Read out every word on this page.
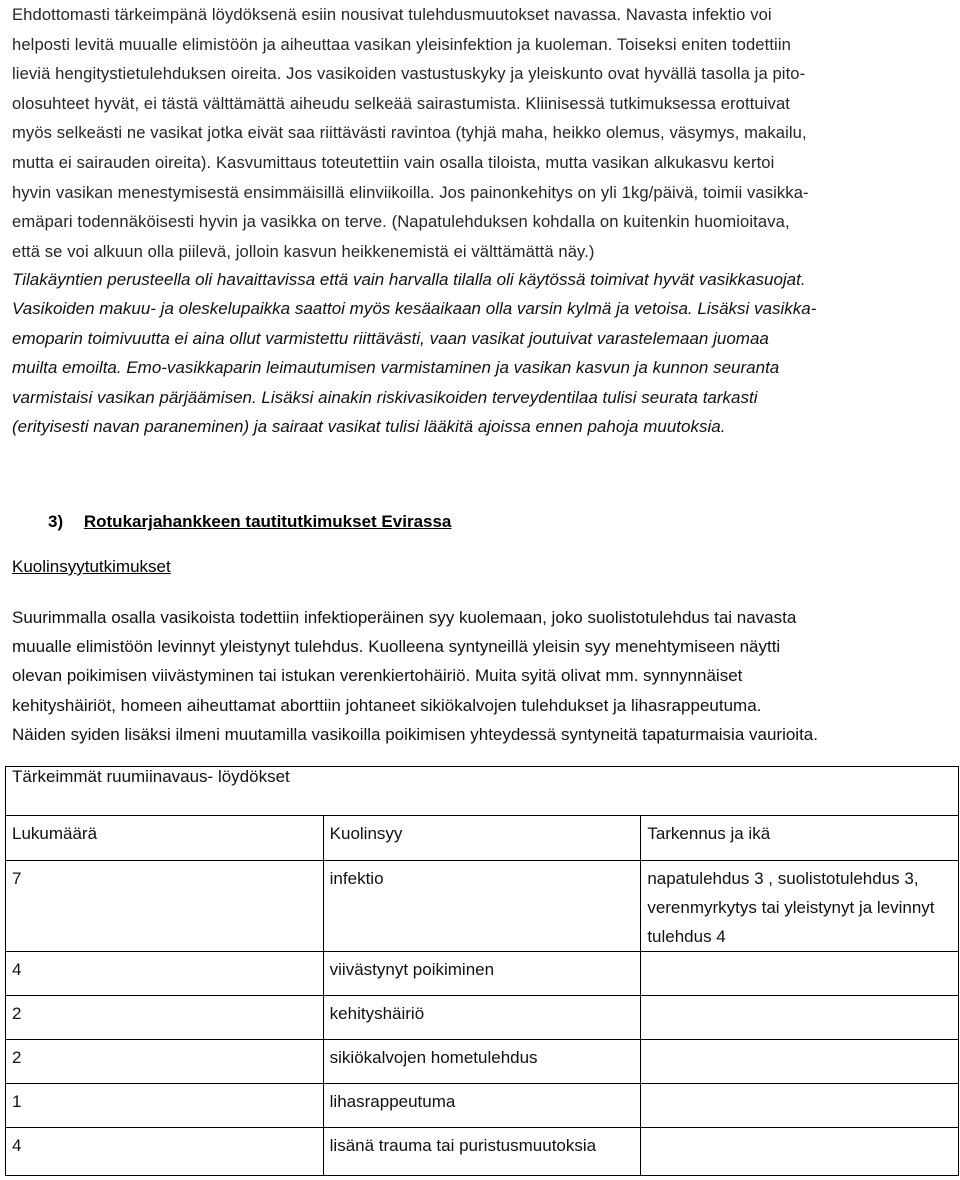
Ehdottomasti tärkeimpänä löydöksenä esiin nousivat tulehdusmuutokset navassa. Navasta infektio voi
helposti levitä muualle elimistöön ja aiheuttaa vasikan yleisinfektion ja kuoleman. Toiseksi eniten todettiin
lieviä hengitystietulehduksen oireita. Jos vasikoiden vastustuskyky ja yleiskunto ovat hyvällä tasolla ja pito-
olosuhteet hyvät, ei tästä välttämättä aiheudu selkeää sairastumista. Kliinisessä tutkimuksessa erottuivat
myös selkeästi ne vasikat jotka eivät saa riittävästi ravintoa (tyhjä maha, heikko olemus, väsymys, makailu,
mutta ei sairauden oireita). Kasvumittaus toteutettiin vain osalla tiloista, mutta vasikan alkukasvu kertoi
hyvin vasikan menestymisestä ensimmäisillä elinviikoilla. Jos painonkehitys on yli 1kg/päivä, toimii vasikka-
emäpari todennäköisesti hyvin ja vasikka on terve. (Napatulehduksen kohdalla on kuitenkin huomioitava,
että se voi alkuun olla piilevä, jolloin kasvun heikkenemistä ei välttämättä näy.)
Tilakäyntien perusteella oli havaittavissa että vain harvalla tilalla oli käytössä toimivat hyvät vasikkasuojat.
Vasikoiden makuu- ja oleskelupaikka saattoi myös kesäaikaan olla varsin kylmä ja vetoisa. Lisäksi vasikka-
emoparin toimivuutta ei aina ollut varmistettu riittävästi, vaan vasikat joutuivat varastelemaan juomaa
muilta emoilta. Emo-vasikkaparin leimautumisen varmistaminen ja vasikan kasvun ja kunnon seuranta
varmistaisi vasikan pärjäämisen. Lisäksi ainakin riskivasikoiden terveydentilaa tulisi seurata tarkasti
(erityisesti navan paraneminen) ja sairaat vasikat tulisi lääkitä ajoissa ennen pahoja muutoksia.
3) Rotukarjahankkeen tautitutkimukset Evirassa
Kuolinsyytutkimukset
Suurimmalla osalla vasikoista todettiin infektioperäinen syy kuolemaan, joko suolistotulehdus tai navasta
muualle elimistöön levinnyt yleistynyt tulehdus. Kuolleena syntyneillä yleisin syy menehtymiseen näytti
olevan poikimisen viivästyminen tai istukan verenkiertohäiriö. Muita syitä olivat mm. synnynnäiset
kehityshäiriöt, homeen aiheuttamat aborttiin johtaneet sikiökalvojen tulehdukset ja lihasrappeutuma.
Näiden syiden lisäksi ilmeni muutamilla vasikoilla poikimisen yhteydessä syntyneitä tapaturmaisia vaurioita.
Tärkeimmät ruumiinavaus- löydökset		

Lukumäärä	Kuolinsyy	Tarkennus ja ikä

7	infektio	napatulehdus 3 , suolistotulehdus 3, verenmyrkytys tai yleistynyt ja levinnyt tulehdus 4

4	viivästynyt poikiminen	

2	kehityshäiriö	

2	sikiökalvojen hometulehdus	

1	lihasrappeutuma	

4	lisänä trauma tai puristusmuutoksia	
